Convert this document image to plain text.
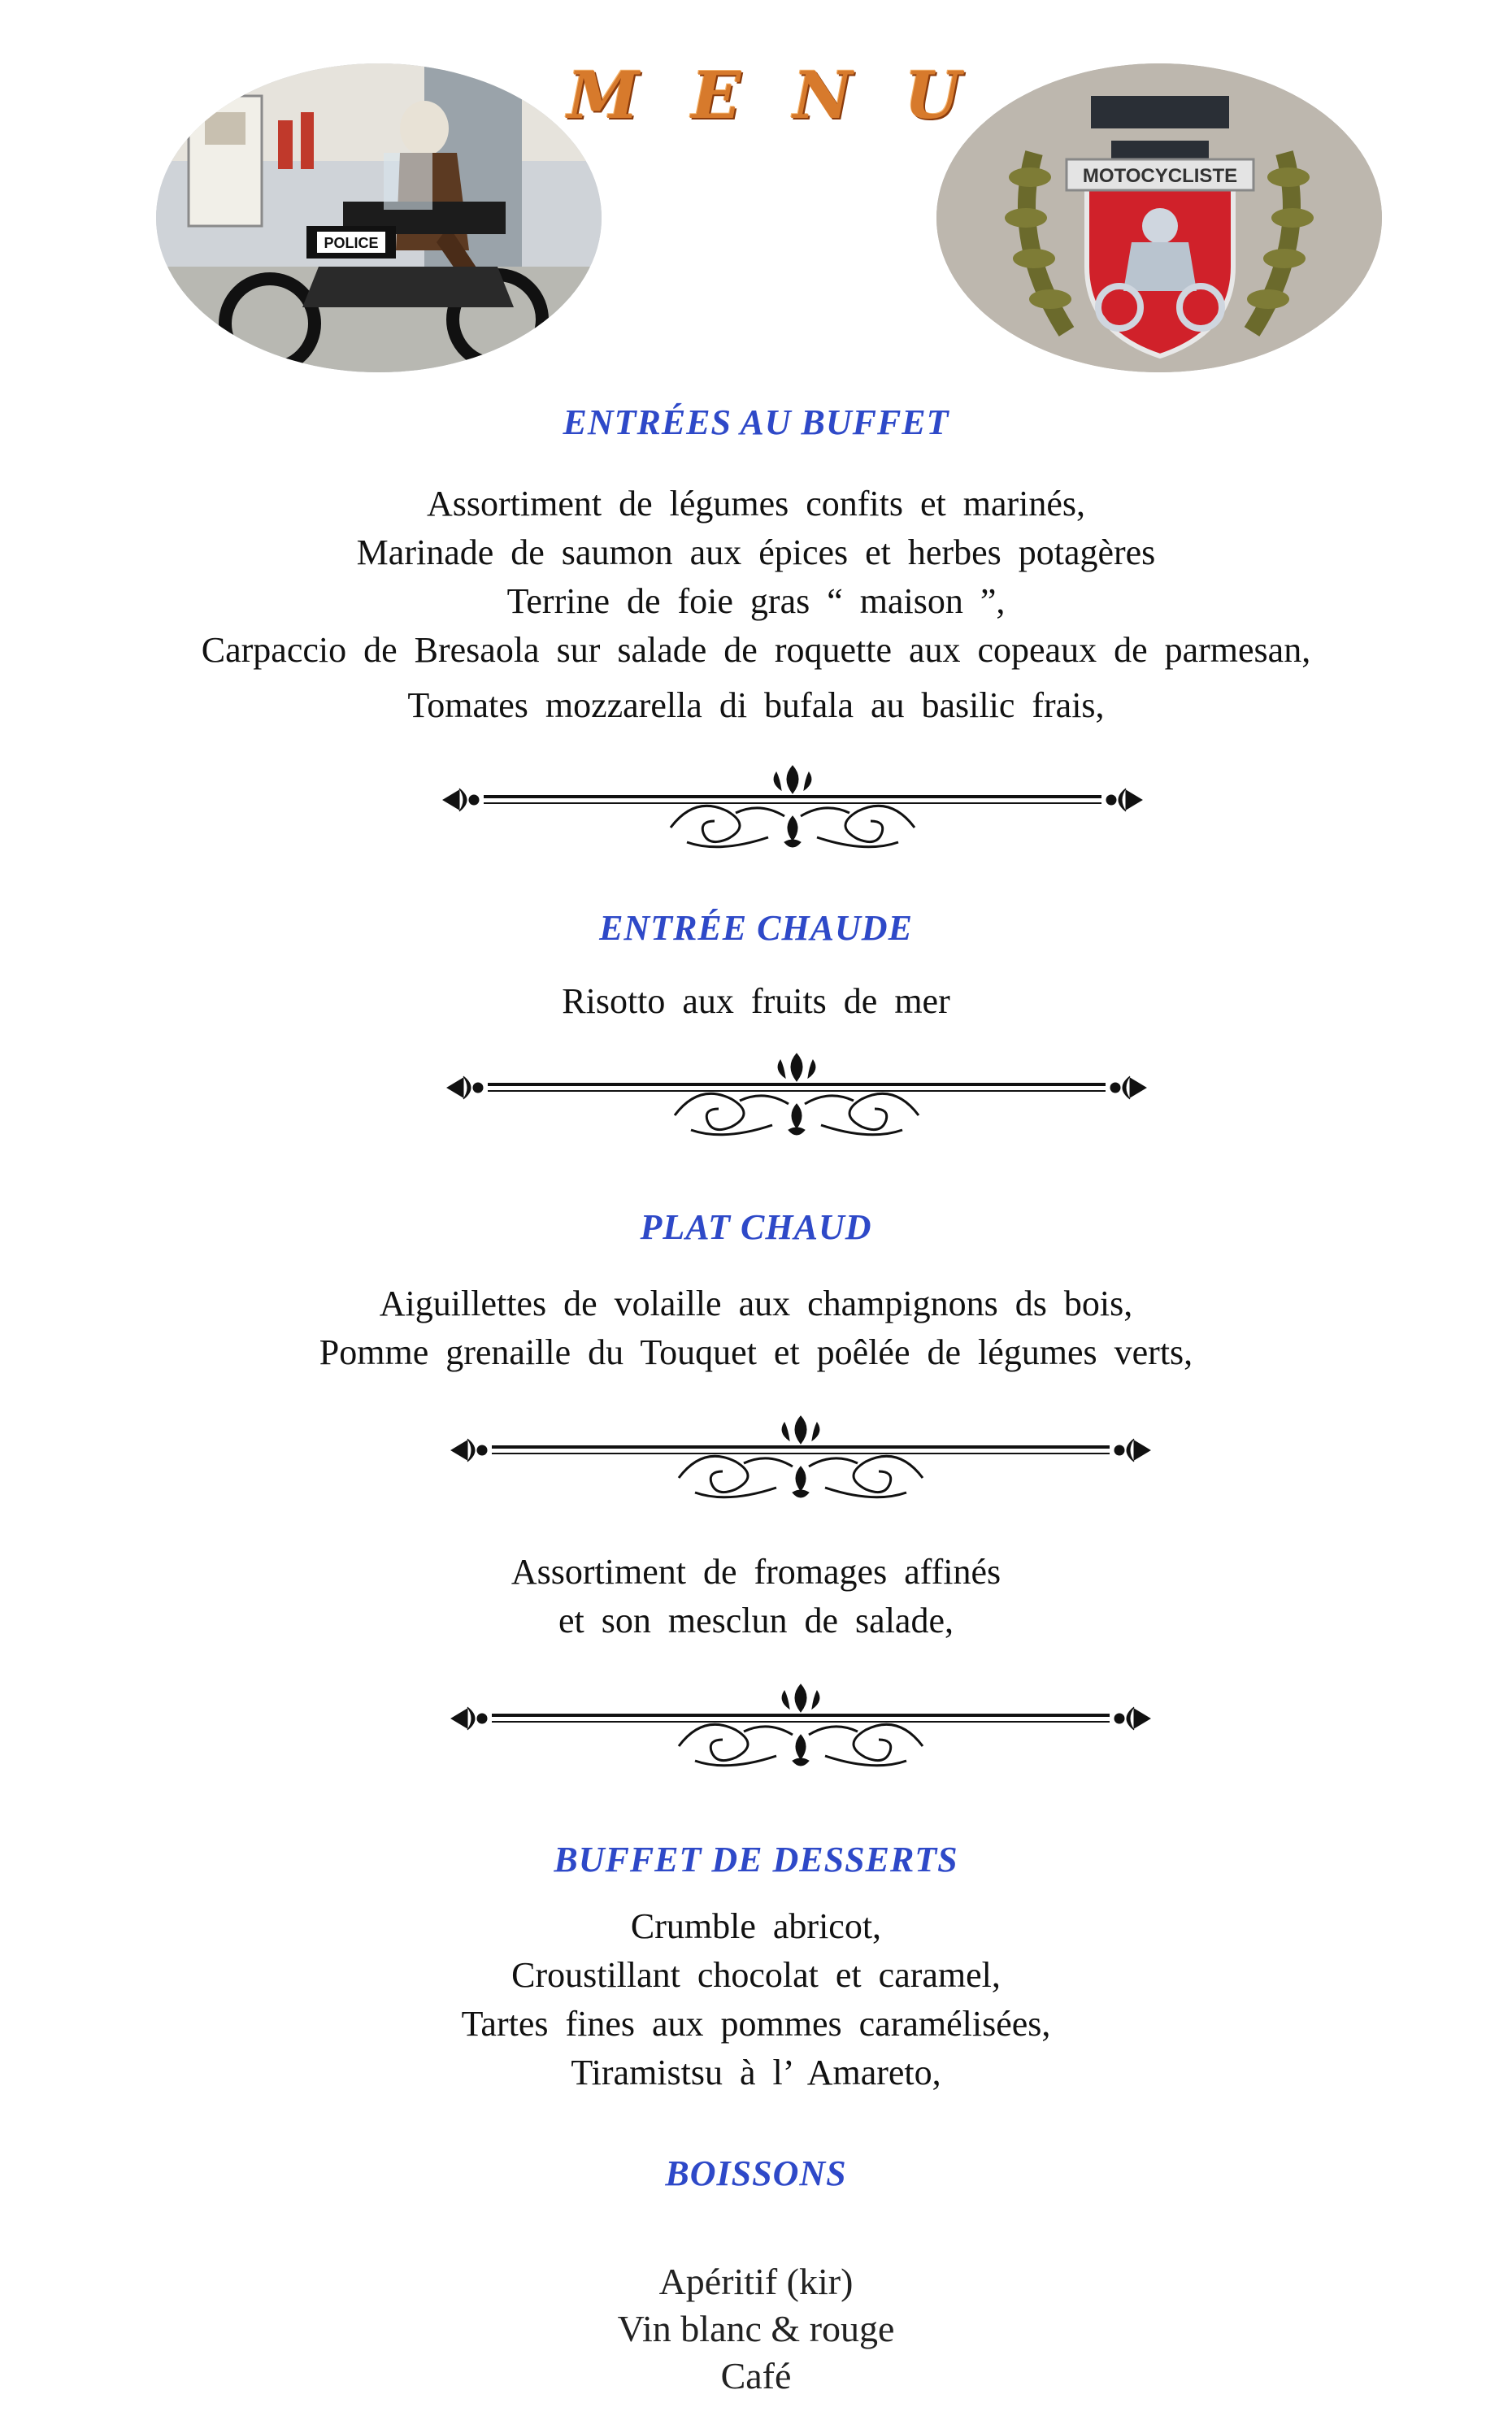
MENU
POLICE
MOTOCYCLISTE
ENTRÉES AU BUFFET
Assortiment de légumes confits et marinés,
Marinade de saumon aux épices et herbes potagères
Terrine de foie gras “ maison ”,
Carpaccio de Bresaola sur salade de roquette aux copeaux de parmesan,
Tomates mozzarella di bufala au basilic frais,
ENTRÉE CHAUDE
Risotto aux fruits de mer
PLAT CHAUD
Aiguillettes de volaille aux champignons ds bois,
Pomme grenaille du Touquet et poêlée de légumes verts,
Assortiment de fromages affinés
et son mesclun de salade,
BUFFET DE DESSERTS
Crumble abricot,
Croustillant chocolat et caramel,
Tartes fines aux pommes caramélisées,
Tiramistsu à l’ Amareto,
BOISSONS
Apéritif (kir)
Vin blanc & rouge
Café
